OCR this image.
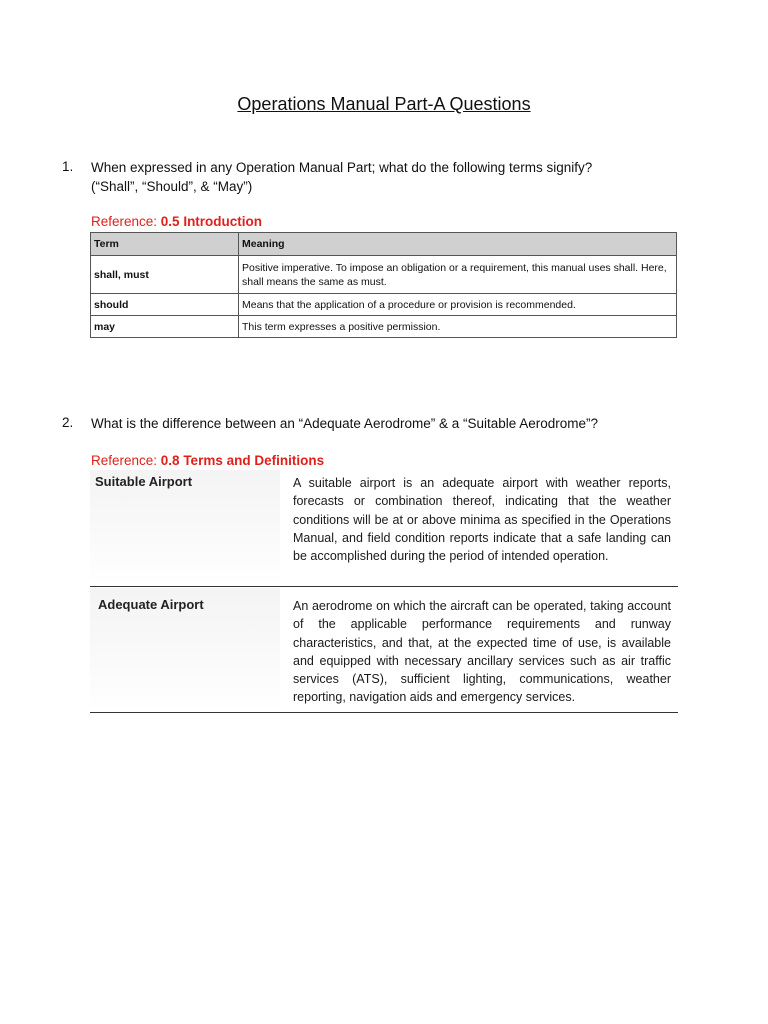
Operations Manual Part-A Questions
1. When expressed in any Operation Manual Part; what do the following terms signify?
(“Shall”, “Should”, & “May”)
Reference: 0.5 Introduction
Term	Meaning
shall, must	Positive imperative. To impose an obligation or a requirement, this manual uses shall. Here, shall means the same as must.
should	Means that the application of a procedure or provision is recommended.
may	This term expresses a positive permission.
2. What is the difference between an “Adequate Aerodrome” & a “Suitable Aerodrome”?
Reference: 0.8 Terms and Definitions
Suitable Airport	A suitable airport is an adequate airport with weather reports, forecasts or combination thereof, indicating that the weather conditions will be at or above minima as specified in the Operations Manual, and field condition reports indicate that a safe landing can be accomplished during the period of intended operation.
Adequate Airport	An aerodrome on which the aircraft can be operated, taking account of the applicable performance requirements and runway characteristics, and that, at the expected time of use, is available and equipped with necessary ancillary services such as air traffic services (ATS), sufficient lighting, communications, weather reporting, navigation aids and emergency services.
